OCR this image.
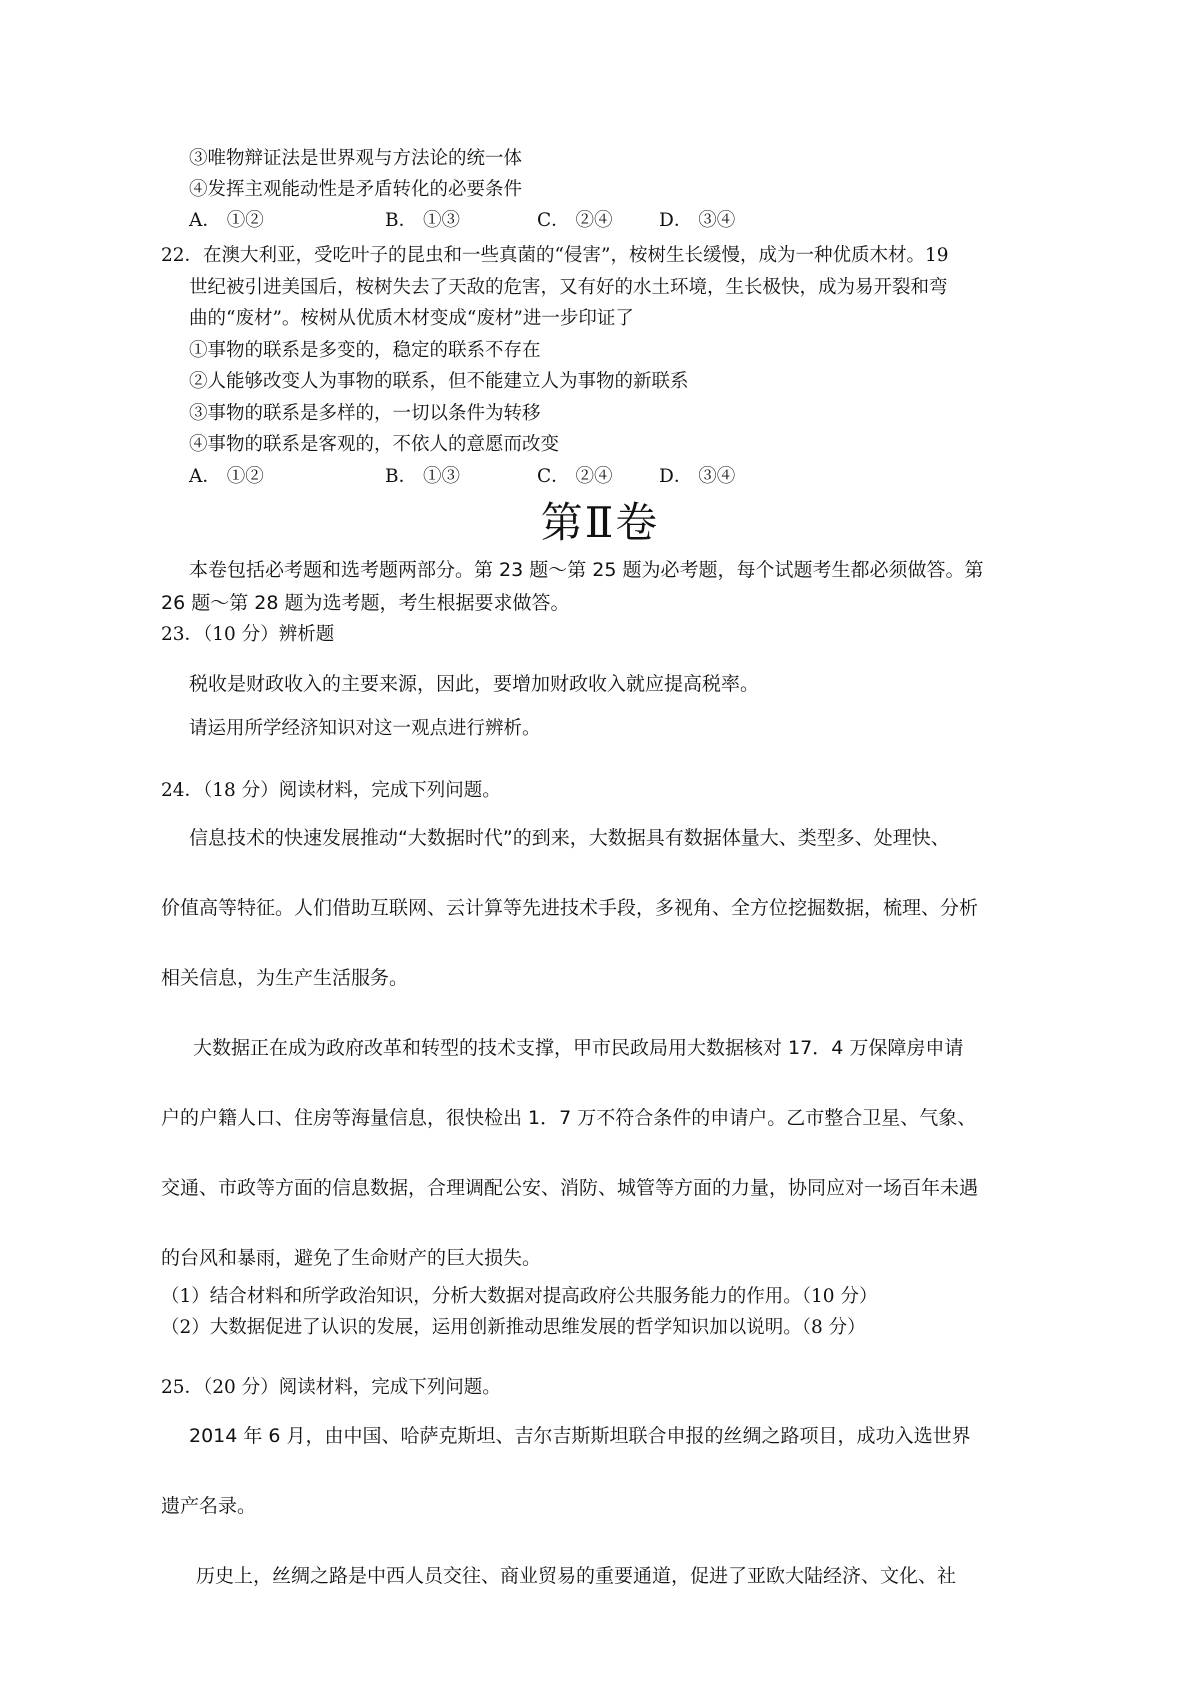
③唯物辩证法是世界观与方法论的统一体
④发挥主观能动性是矛盾转化的必要条件
A． ①②	B． ①③	C． ②④	D． ③④
22．在澳大利亚，受吃叶子的昆虫和一些真菌的“侵害”，桉树生长缓慢，成为一种优质木材。19
世纪被引进美国后，桉树失去了天敌的危害，又有好的水土环境，生长极快，成为易开裂和弯
曲的“废材”。桉树从优质木材变成“废材”进一步印证了
①事物的联系是多变的，稳定的联系不存在
②人能够改变人为事物的联系，但不能建立人为事物的新联系
③事物的联系是多样的，一切以条件为转移
④事物的联系是客观的，不依人的意愿而改变
A． ①②	B． ①③	C． ②④	D． ③④
第Ⅱ卷
本卷包括必考题和选考题两部分。第 23 题～第 25 题为必考题，每个试题考生都必须做答。第
26 题～第 28 题为选考题，考生根据要求做答。
23．（10 分）辨析题
税收是财政收入的主要来源，因此，要增加财政收入就应提高税率。
请运用所学经济知识对这一观点进行辨析。
24．（18 分）阅读材料，完成下列问题。
信息技术的快速发展推动“大数据时代”的到来，大数据具有数据体量大、类型多、处理快、
价值高等特征。人们借助互联网、云计算等先进技术手段，多视角、全方位挖掘数据，梳理、分析
相关信息，为生产生活服务。
大数据正在成为政府改革和转型的技术支撑，甲市民政局用大数据核对 17．4 万保障房申请
户的户籍人口、住房等海量信息，很快检出 1．7 万不符合条件的申请户。乙市整合卫星、气象、
交通、市政等方面的信息数据，合理调配公安、消防、城管等方面的力量，协同应对一场百年未遇
的台风和暴雨，避免了生命财产的巨大损失。
（1）结合材料和所学政治知识，分析大数据对提高政府公共服务能力的作用。（10 分）
（2）大数据促进了认识的发展，运用创新推动思维发展的哲学知识加以说明。（8 分）
25．（20 分）阅读材料，完成下列问题。
2014 年 6 月，由中国、哈萨克斯坦、吉尔吉斯斯坦联合申报的丝绸之路项目，成功入选世界
遗产名录。
历史上，丝绸之路是中西人员交往、商业贸易的重要通道，促进了亚欧大陆经济、文化、社
